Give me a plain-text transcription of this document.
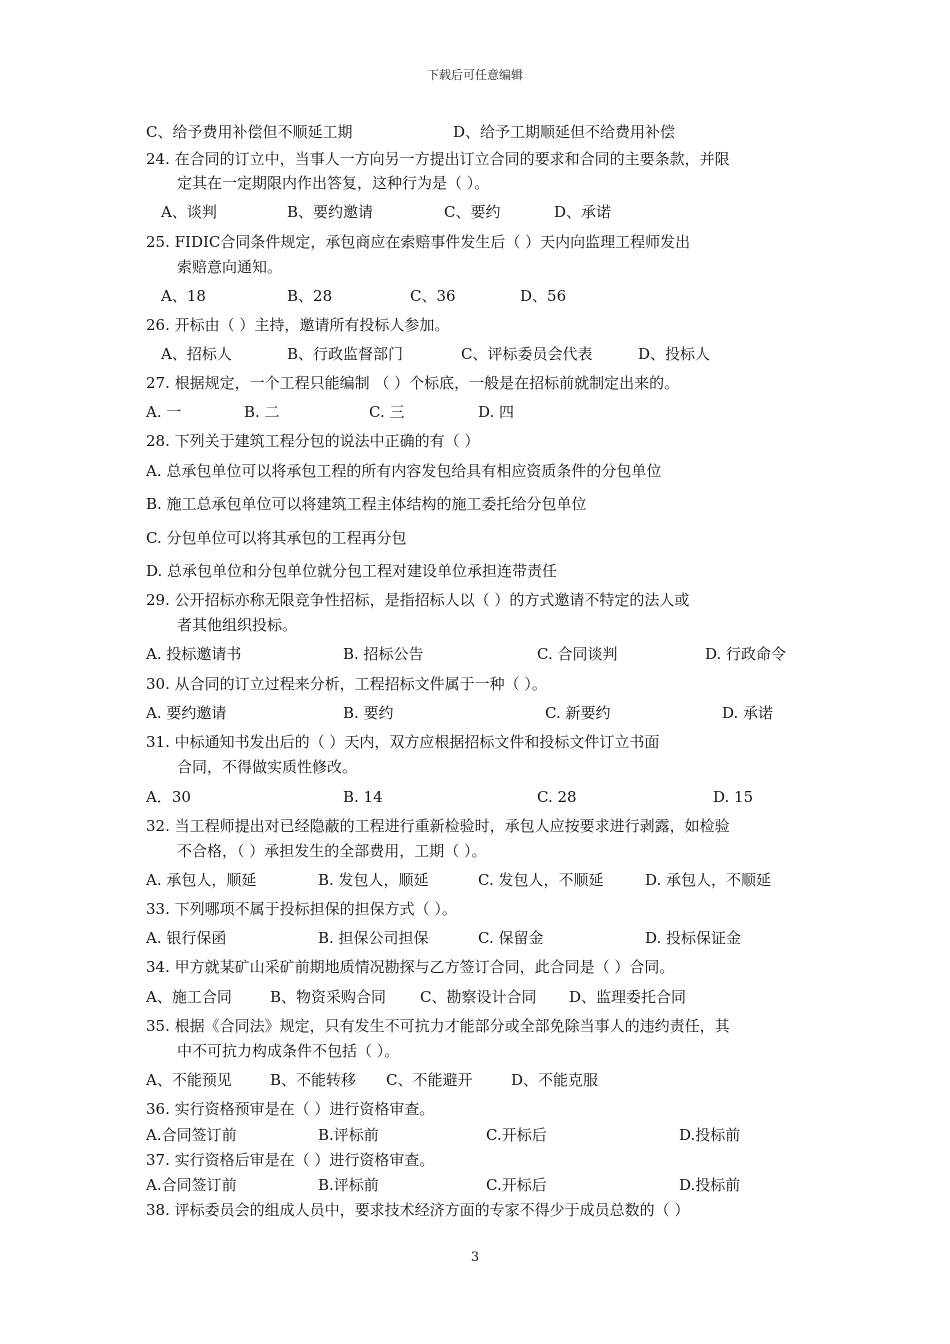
下载后可任意编辑
C、给予费用补偿但不顺延工期	D、给予工期顺延但不给费用补偿
24. 在合同的订立中，当事人一方向另一方提出订立合同的要求和合同的主要条款，并限
定其在一定期限内作出答复，这种行为是（ ）。
A、谈判	B、要约邀请	C、要约	D、承诺
25. FIDIC合同条件规定，承包商应在索赔事件发生后（ ）天内向监理工程师发出
索赔意向通知。
A、18	B、28	C、36	D、56
26. 开标由（ ）主持，邀请所有投标人参加。
A、招标人	B、行政监督部门	C、评标委员会代表	D、投标人
27. 根据规定，一个工程只能编制 （ ）个标底，一般是在招标前就制定出来的。
A. 一	B. 二	C. 三	D. 四
28. 下列关于建筑工程分包的说法中正确的有（ ）
A. 总承包单位可以将承包工程的所有内容发包给具有相应资质条件的分包单位
B. 施工总承包单位可以将建筑工程主体结构的施工委托给分包单位
C. 分包单位可以将其承包的工程再分包
D. 总承包单位和分包单位就分包工程对建设单位承担连带责任
29. 公开招标亦称无限竞争性招标，是指招标人以（ ）的方式邀请不特定的法人或
者其他组织投标。
A. 投标邀请书	B. 招标公告	C. 合同谈判	D. 行政命令
30. 从合同的订立过程来分析，工程招标文件属于一种（ ）。
A. 要约邀请	B. 要约	C. 新要约	D. 承诺
31. 中标通知书发出后的（ ）天内，双方应根据招标文件和投标文件订立书面
合同，不得做实质性修改。
A．30	B. 14	C. 28	D. 15
32. 当工程师提出对已经隐蔽的工程进行重新检验时，承包人应按要求进行剥露，如检验
不合格，（ ）承担发生的全部费用，工期（ ）。
A. 承包人，顺延	B. 发包人，顺延	C. 发包人，不顺延	D. 承包人，不顺延
33. 下列哪项不属于投标担保的担保方式（ ）。
A. 银行保函	B. 担保公司担保	C. 保留金	D. 投标保证金
34. 甲方就某矿山采矿前期地质情况勘探与乙方签订合同，此合同是（ ）合同。
A、施工合同	B、物资采购合同 C、勘察设计合同 D、监理委托合同
35. 根据《合同法》规定，只有发生不可抗力才能部分或全部免除当事人的违约责任，其
中不可抗力构成条件不包括（ ）。
A、不能预见	B、不能转移 C、不能避开	D、不能克服
36. 实行资格预审是在（ ）进行资格审查。
A.合同签订前	B.评标前	C.开标后	D.投标前
37. 实行资格后审是在（ ）进行资格审查。
A.合同签订前	B.评标前	C.开标后	D.投标前
38. 评标委员会的组成人员中，要求技术经济方面的专家不得少于成员总数的（ ）
3
